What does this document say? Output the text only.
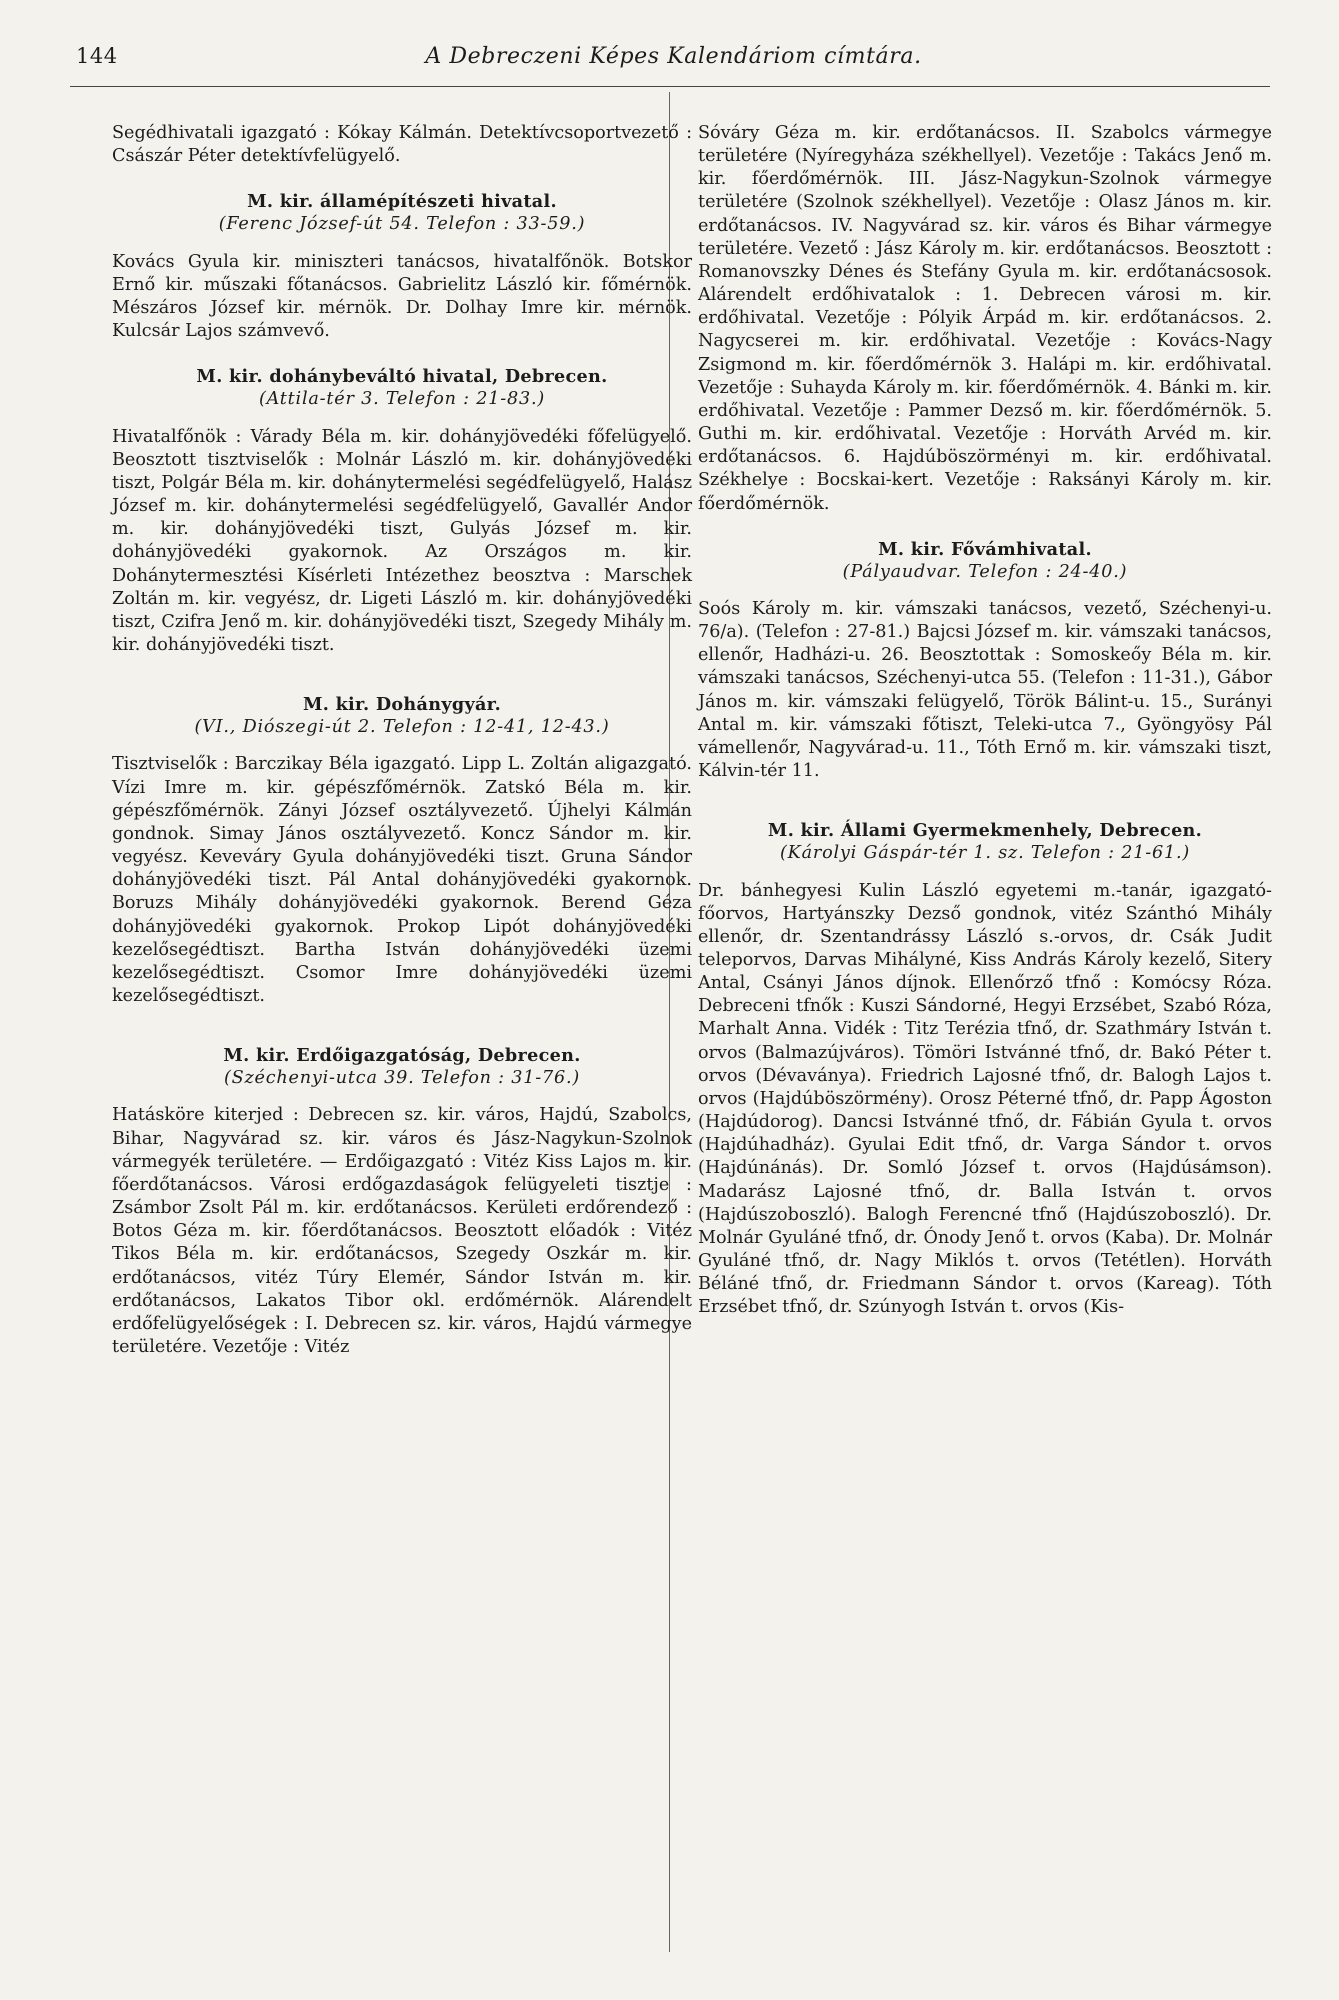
144	A Debreczeni Képes Kalendáriom címtára.

Segédhivatali igazgató : Kókay Kálmán. Detektívcsoportvezető : Császár Péter detektívfelügyelő.

M. kir. államépítészeti hivatal.

(Ferenc József-út 54. Telefon : 33-59.)

Kovács Gyula kir. miniszteri tanácsos, hivatalfőnök. Botskor Ernő kir. műszaki főtanácsos. Gabrielitz László kir. főmérnök. Mészáros József kir. mérnök. Dr. Dolhay Imre kir. mérnök. Kulcsár Lajos számvevő.

M. kir. dohánybeváltó hivatal, Debrecen.

(Attila-tér 3. Telefon : 21-83.)

Hivatalfőnök : Várady Béla m. kir. dohányjövedéki főfelügyelő. Beosztott tisztviselők : Molnár László m. kir. dohányjövedéki tiszt, Polgár Béla m. kir. dohánytermelési segédfelügyelő, Halász József m. kir. dohánytermelési segédfelügyelő, Gavallér Andor m. kir. dohányjövedéki tiszt, Gulyás József m. kir. dohányjövedéki gyakornok. Az Országos m. kir. Dohánytermesztési Kísérleti Intézethez beosztva : Marschek Zoltán m. kir. vegyész, dr. Ligeti László m. kir. dohányjövedéki tiszt, Czifra Jenő m. kir. dohányjövedéki tiszt, Szegedy Mihály m. kir. dohányjövedéki tiszt.

M. kir. Dohánygyár.

(VI., Diószegi-út 2. Telefon : 12-41, 12-43.)

Tisztviselők : Barczikay Béla igazgató. Lipp L. Zoltán aligazgató. Vízi Imre m. kir. gépészfőmérnök. Zatskó Béla m. kir. gépészfőmérnök. Zányi József osztályvezető. Újhelyi Kálmán gondnok. Simay János osztályvezető. Koncz Sándor m. kir. vegyész. Keveváry Gyula dohányjövedéki tiszt. Gruna Sándor dohányjövedéki tiszt. Pál Antal dohányjövedéki gyakornok. Boruzs Mihály dohányjövedéki gyakornok. Berend Géza dohányjövedéki gyakornok. Prokop Lipót dohányjövedéki kezelősegédtiszt. Bartha István dohányjövedéki üzemi kezelősegédtiszt. Csomor Imre dohányjövedéki üzemi kezelősegédtiszt.

M. kir. Erdőigazgatóság, Debrecen.

(Széchenyi-utca 39. Telefon : 31-76.)

Hatásköre kiterjed : Debrecen sz. kir. város, Hajdú, Szabolcs, Bihar, Nagyvárad sz. kir. város és Jász-Nagykun-Szolnok vármegyék területére. — Erdőigazgató : Vitéz Kiss Lajos m. kir. főerdőtanácsos. Városi erdőgazdaságok felügyeleti tisztje : Zsámbor Zsolt Pál m. kir. erdőtanácsos. Kerületi erdőrendező : Botos Géza m. kir. főerdőtanácsos. Beosztott előadók : Vitéz Tikos Béla m. kir. erdőtanácsos, Szegedy Oszkár m. kir. erdőtanácsos, vitéz Túry Elemér, Sándor István m. kir. erdőtanácsos, Lakatos Tibor okl. erdőmérnök. Alárendelt erdőfelügyelőségek : I. Debrecen sz. kir. város, Hajdú vármegye területére. Vezetője : Vitéz

Sóváry Géza m. kir. erdőtanácsos. II. Szabolcs vármegye területére (Nyíregyháza székhellyel). Vezetője : Takács Jenő m. kir. főerdőmérnök. III. Jász-Nagykun-Szolnok vármegye területére (Szolnok székhellyel). Vezetője : Olasz János m. kir. erdőtanácsos. IV. Nagyvárad sz. kir. város és Bihar vármegye területére. Vezető : Jász Károly m. kir. erdőtanácsos. Beosztott : Romanovszky Dénes és Stefány Gyula m. kir. erdőtanácsosok. Alárendelt erdőhivatalok : 1. Debrecen városi m. kir. erdőhivatal. Vezetője : Pólyik Árpád m. kir. erdőtanácsos. 2. Nagycserei m. kir. erdőhivatal. Vezetője : Kovács-Nagy Zsigmond m. kir. főerdőmérnök 3. Halápi m. kir. erdőhivatal. Vezetője : Suhayda Károly m. kir. főerdőmérnök. 4. Bánki m. kir. erdőhivatal. Vezetője : Pammer Dezső m. kir. főerdőmérnök. 5. Guthi m. kir. erdőhivatal. Vezetője : Horváth Arvéd m. kir. erdőtanácsos. 6. Hajdúböszörményi m. kir. erdőhivatal. Székhelye : Bocskai-kert. Vezetője : Raksányi Károly m. kir. főerdőmérnök.

M. kir. Fővámhivatal.

(Pályaudvar. Telefon : 24-40.)

Soós Károly m. kir. vámszaki tanácsos, vezető, Széchenyi-u. 76/a). (Telefon : 27-81.) Bajcsi József m. kir. vámszaki tanácsos, ellenőr, Hadházi-u. 26. Beosztottak : Somoskeőy Béla m. kir. vámszaki tanácsos, Széchenyi-utca 55. (Telefon : 11-31.), Gábor János m. kir. vámszaki felügyelő, Török Bálint-u. 15., Surányi Antal m. kir. vámszaki főtiszt, Teleki-utca 7., Gyöngyösy Pál vámellenőr, Nagyvárad-u. 11., Tóth Ernő m. kir. vámszaki tiszt, Kálvin-tér 11.

M. kir. Állami Gyermekmenhely, Debrecen.

(Károlyi Gáspár-tér 1. sz. Telefon : 21-61.)

Dr. bánhegyesi Kulin László egyetemi m.-tanár, igazgató-főorvos, Hartyánszky Dezső gondnok, vitéz Szánthó Mihály ellenőr, dr. Szentandrássy László s.-orvos, dr. Csák Judit teleporvos, Darvas Mihályné, Kiss András Károly kezelő, Sitery Antal, Csányi János díjnok. Ellenőrző tfnő : Komócsy Róza. Debreceni tfnők : Kuszi Sándorné, Hegyi Erzsébet, Szabó Róza, Marhalt Anna. Vidék : Titz Terézia tfnő, dr. Szathmáry István t. orvos (Balmazújváros). Tömöri Istvánné tfnő, dr. Bakó Péter t. orvos (Dévaványa). Friedrich Lajosné tfnő, dr. Balogh Lajos t. orvos (Hajdúböszörmény). Orosz Péterné tfnő, dr. Papp Ágoston (Hajdúdorog). Dancsi Istvánné tfnő, dr. Fábián Gyula t. orvos (Hajdúhadház). Gyulai Edit tfnő, dr. Varga Sándor t. orvos (Hajdúnánás). Dr. Somló József t. orvos (Hajdúsámson). Madarász Lajosné tfnő, dr. Balla István t. orvos (Hajdúszoboszló). Balogh Ferencné tfnő (Hajdúszoboszló). Dr. Molnár Gyuláné tfnő, dr. Ónody Jenő t. orvos (Kaba). Dr. Molnár Gyuláné tfnő, dr. Nagy Miklós t. orvos (Tetétlen). Horváth Béláné tfnő, dr. Friedmann Sándor t. orvos (Kareag). Tóth Erzsébet tfnő, dr. Szúnyogh István t. orvos (Kis-
